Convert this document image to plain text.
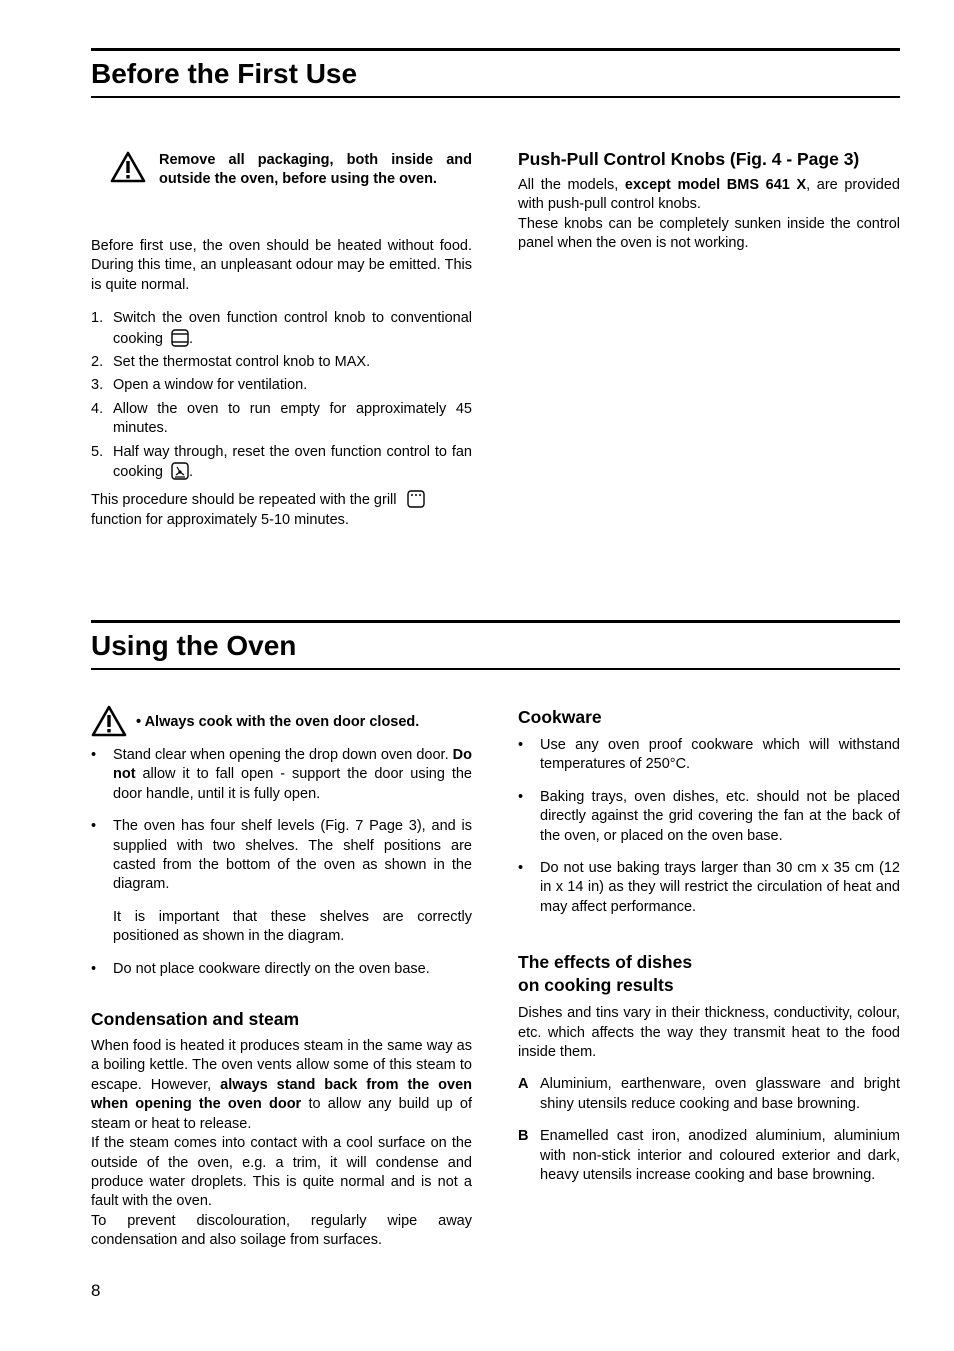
Before the First Use
Remove all packaging, both inside and outside the oven, before using the oven.

Before first use, the oven should be heated without food. During this time, an unpleasant odour may be emitted. This is quite normal.

1. Switch the oven function control knob to conventional cooking .
2. Set the thermostat control knob to MAX.
3. Open a window for ventilation.
4. Allow the oven to run empty for approximately 45 minutes.
5. Half way through, reset the oven function control to fan cooking .

This procedure should be repeated with the grill
function for approximately 5-10 minutes.

Push-Pull Control Knobs (Fig. 4 - Page 3)

All the models, except model BMS 641 X, are provided with push-pull control knobs.

These knobs can be completely sunken inside the control panel when the oven is not working.

Using the Oven
• Always cook with the oven door closed.
• Stand clear when opening the drop down oven door. Do not allow it to fall open - support the door using the door handle, until it is fully open.
• The oven has four shelf levels (Fig. 7 Page 3), and is supplied with two shelves. The shelf positions are casted from the bottom of the oven as shown in the diagram.
It is important that these shelves are correctly positioned as shown in the diagram.
• Do not place cookware directly on the oven base.
Condensation and steam

When food is heated it produces steam in the same way as a boiling kettle. The oven vents allow some of this steam to escape. However, always stand back from the oven when opening the oven door to allow any build up of steam or heat to release.

If the steam comes into contact with a cool surface on the outside of the oven, e.g. a trim, it will condense and produce water droplets. This is quite normal and is not a fault with the oven.

To prevent discolouration, regularly wipe away condensation and also soilage from surfaces.

Cookware
• Use any oven proof cookware which will withstand temperatures of 250°C.
• Baking trays, oven dishes, etc. should not be placed directly against the grid covering the fan at the back of the oven, or placed on the oven base.
• Do not use baking trays larger than 30 cm x 35 cm (12 in x 14 in) as they will restrict the circulation of heat and may affect performance.
The effects of dishes
on cooking results

Dishes and tins vary in their thickness, conductivity, colour, etc. which affects the way they transmit heat to the food inside them.

A Aluminium, earthenware, oven glassware and bright shiny utensils reduce cooking and base browning.
B Enamelled cast iron, anodized aluminium, aluminium with non-stick interior and coloured exterior and dark, heavy utensils increase cooking and base browning.
8
